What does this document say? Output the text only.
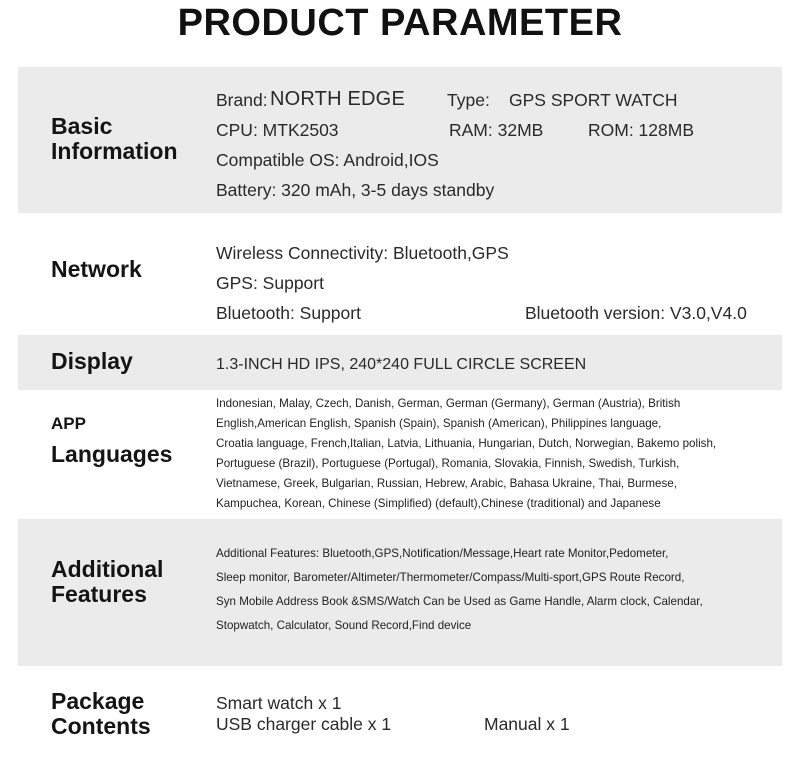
PRODUCT PARAMETER
Basic
Information
Brand: NORTH EDGE Type: GPS SPORT WATCH
CPU: MTK2503	RAM: 32MB	ROM: 128MB
Compatible OS: Android,IOS
Battery: 320 mAh, 3-5 days standby
Network
Wireless Connectivity: Bluetooth,GPS
GPS: Support
Bluetooth: Support	Bluetooth version: V3.0,V4.0
Display	1.3-INCH HD IPS, 240*240 FULL CIRCLE SCREEN
APP
Languages
Indonesian, Malay, Czech, Danish, German, German (Germany), German (Austria), British
English,American English, Spanish (Spain), Spanish (American), Philippines language,
Croatia language, French,Italian, Latvia, Lithuania, Hungarian, Dutch, Norwegian, Bakemo polish,
Portuguese (Brazil), Portuguese (Portugal), Romania, Slovakia, Finnish, Swedish, Turkish,
Vietnamese, Greek, Bulgarian, Russian, Hebrew, Arabic, Bahasa Ukraine, Thai, Burmese,
Kampuchea, Korean, Chinese (Simplified) (default),Chinese (traditional) and Japanese
Additional
Features
Additional Features: Bluetooth,GPS,Notification/Message,Heart rate Monitor,Pedometer,
Sleep monitor, Barometer/Altimeter/Thermometer/Compass/Multi-sport,GPS Route Record,
Syn Mobile Address Book &SMS/Watch Can be Used as Game Handle, Alarm clock, Calendar,
Stopwatch, Calculator, Sound Record,Find device
Package
Contents
Smart watch x 1
USB charger cable x 1	Manual x 1
